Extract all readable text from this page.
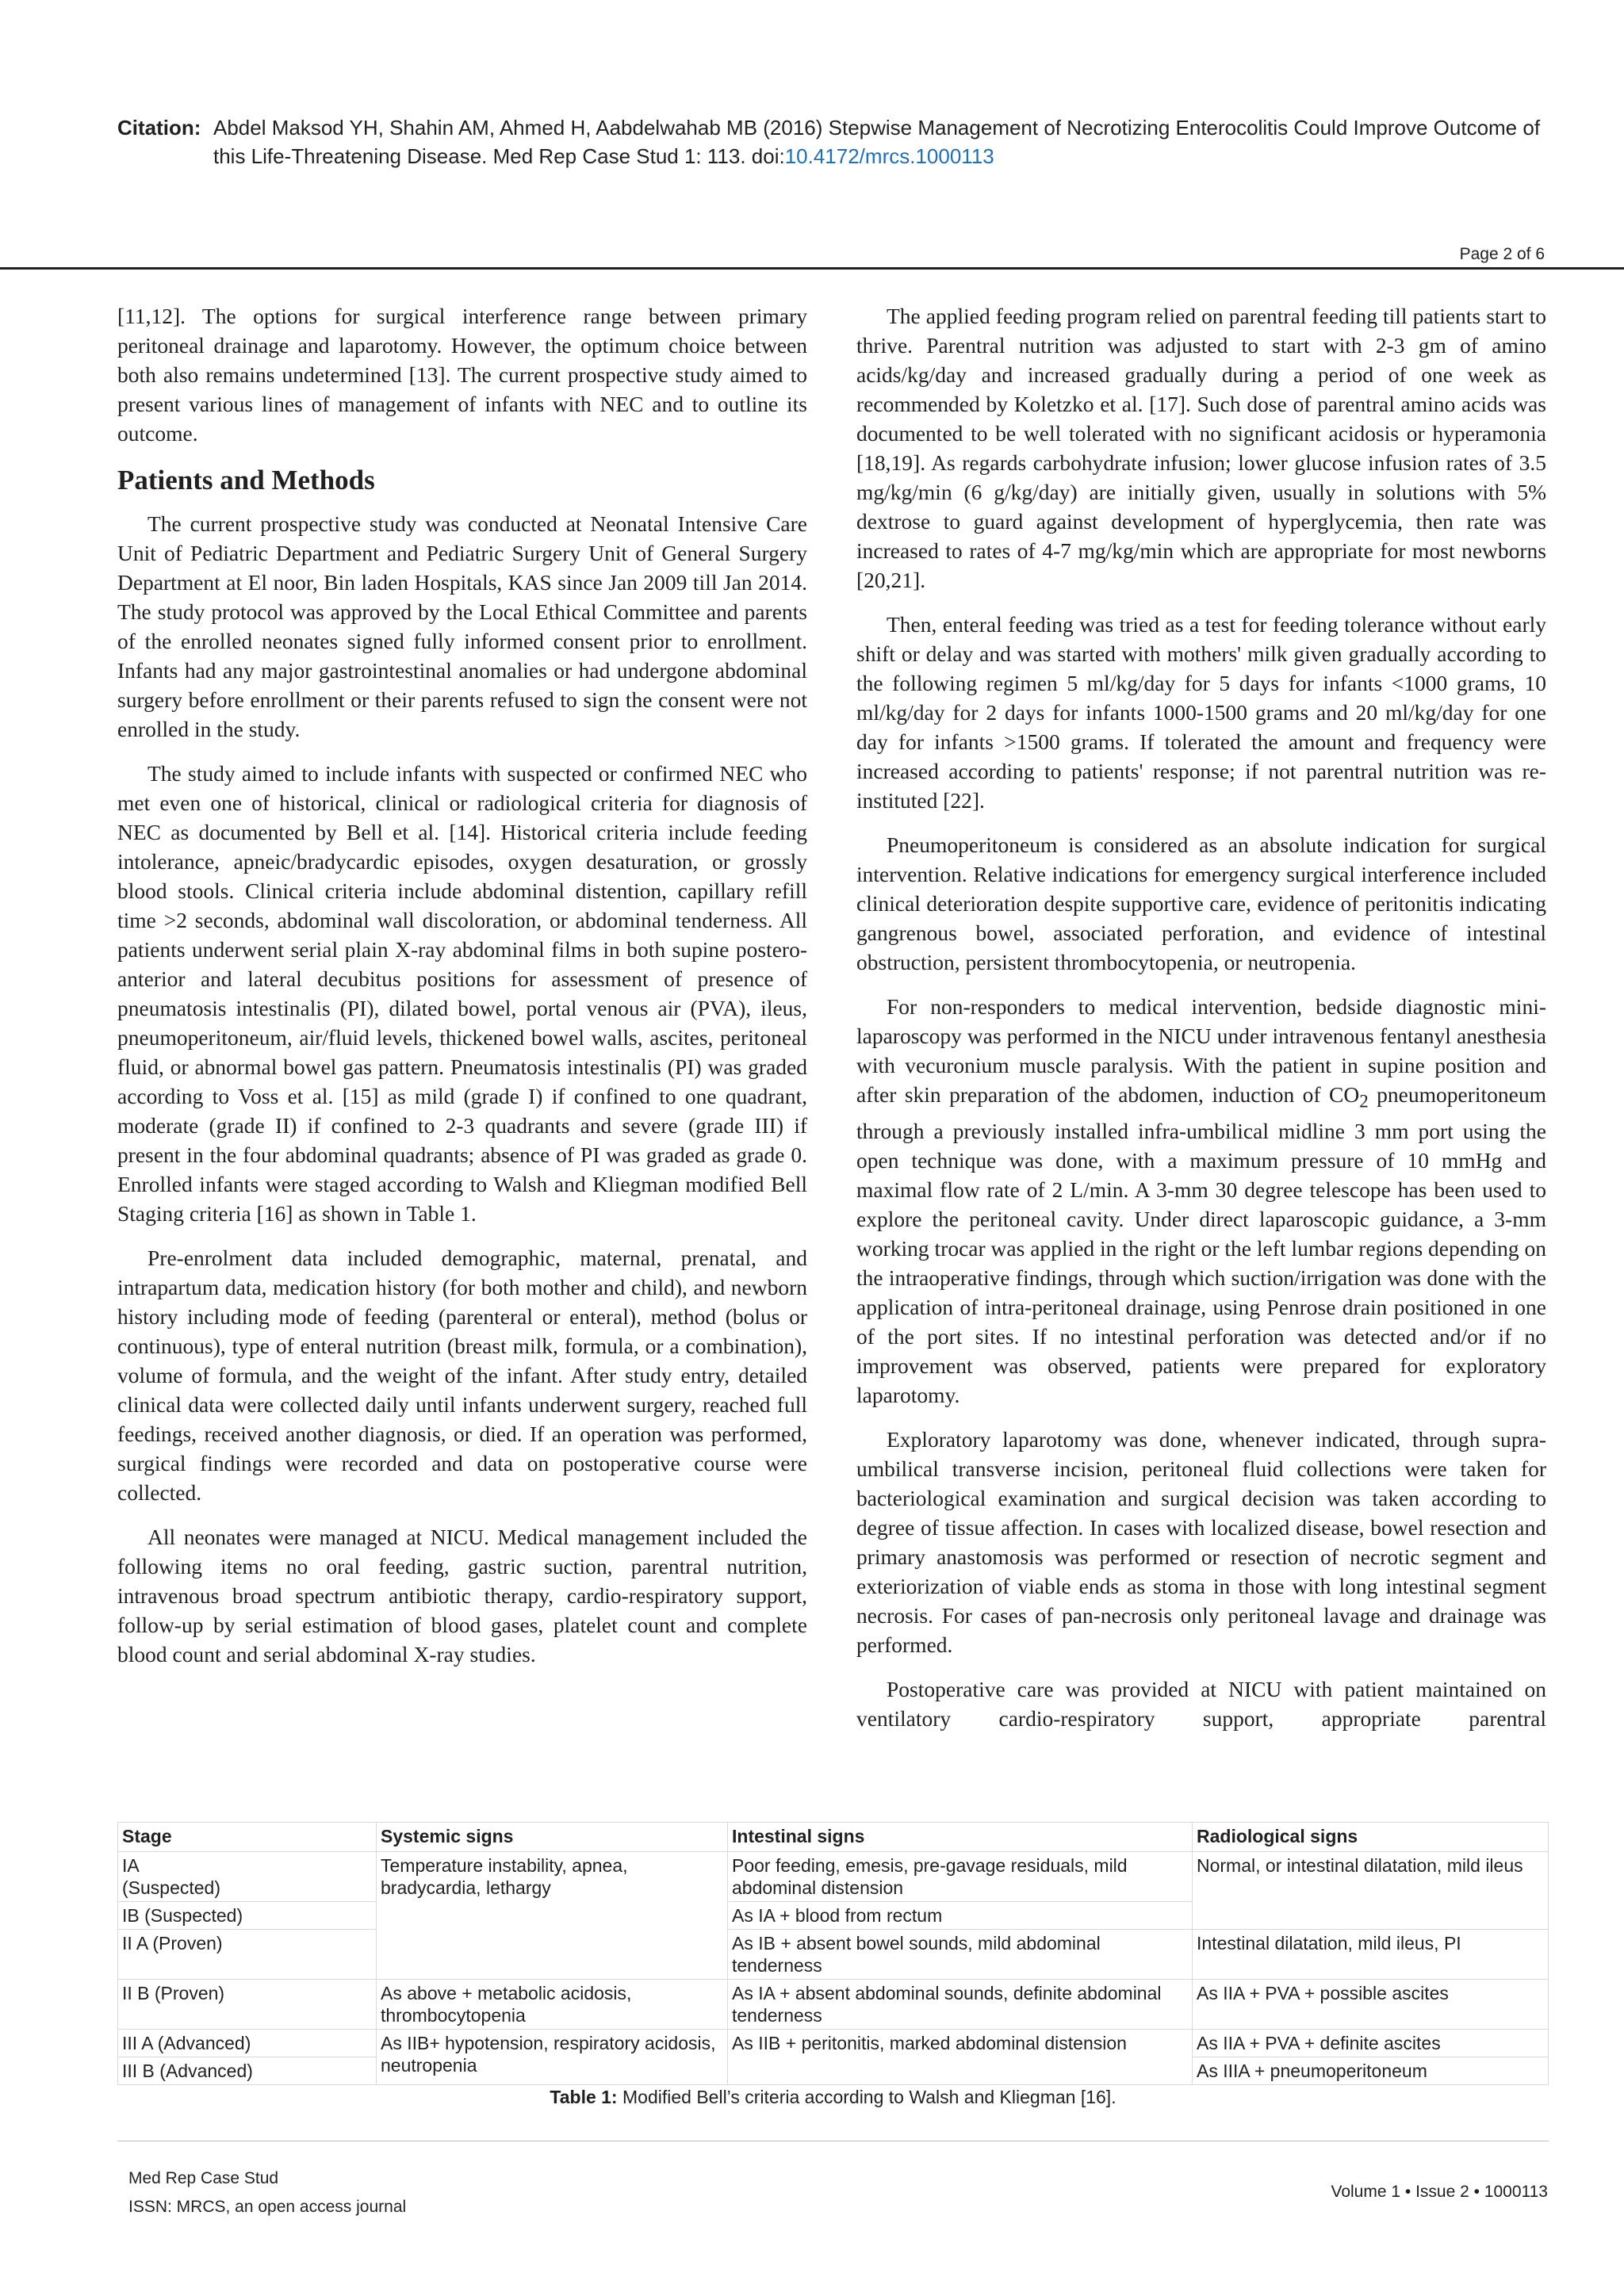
Citation: Abdel Maksod YH, Shahin AM, Ahmed H, Aabdelwahab MB (2016) Stepwise Management of Necrotizing Enterocolitis Could Improve Outcome of this Life-Threatening Disease. Med Rep Case Stud 1: 113. doi:10.4172/mrcs.1000113
Page 2 of 6

[11,12]. The options for surgical interference range between primary peritoneal drainage and laparotomy. However, the optimum choice between both also remains undetermined [13]. The current prospective study aimed to present various lines of management of infants with NEC and to outline its outcome.

Patients and Methods

The current prospective study was conducted at Neonatal Intensive Care Unit of Pediatric Department and Pediatric Surgery Unit of General Surgery Department at El noor, Bin laden Hospitals, KAS since Jan 2009 till Jan 2014. The study protocol was approved by the Local Ethical Committee and parents of the enrolled neonates signed fully informed consent prior to enrollment. Infants had any major gastrointestinal anomalies or had undergone abdominal surgery before enrollment or their parents refused to sign the consent were not enrolled in the study.

The study aimed to include infants with suspected or confirmed NEC who met even one of historical, clinical or radiological criteria for diagnosis of NEC as documented by Bell et al. [14]. Historical criteria include feeding intolerance, apneic/bradycardic episodes, oxygen desaturation, or grossly blood stools. Clinical criteria include abdominal distention, capillary refill time >2 seconds, abdominal wall discoloration, or abdominal tenderness. All patients underwent serial plain X-ray abdominal films in both supine postero-anterior and lateral decubitus positions for assessment of presence of pneumatosis intestinalis (PI), dilated bowel, portal venous air (PVA), ileus, pneumoperitoneum, air/fluid levels, thickened bowel walls, ascites, peritoneal fluid, or abnormal bowel gas pattern. Pneumatosis intestinalis (PI) was graded according to Voss et al. [15] as mild (grade I) if confined to one quadrant, moderate (grade II) if confined to 2-3 quadrants and severe (grade III) if present in the four abdominal quadrants; absence of PI was graded as grade 0. Enrolled infants were staged according to Walsh and Kliegman modified Bell Staging criteria [16] as shown in Table 1.

Pre-enrolment data included demographic, maternal, prenatal, and intrapartum data, medication history (for both mother and child), and newborn history including mode of feeding (parenteral or enteral), method (bolus or continuous), type of enteral nutrition (breast milk, formula, or a combination), volume of formula, and the weight of the infant. After study entry, detailed clinical data were collected daily until infants underwent surgery, reached full feedings, received another diagnosis, or died. If an operation was performed, surgical findings were recorded and data on postoperative course were collected.

All neonates were managed at NICU. Medical management included the following items no oral feeding, gastric suction, parentral nutrition, intravenous broad spectrum antibiotic therapy, cardio-respiratory support, follow-up by serial estimation of blood gases, platelet count and complete blood count and serial abdominal X-ray studies.

The applied feeding program relied on parentral feeding till patients start to thrive. Parentral nutrition was adjusted to start with 2-3 gm of amino acids/kg/day and increased gradually during a period of one week as recommended by Koletzko et al. [17]. Such dose of parentral amino acids was documented to be well tolerated with no significant acidosis or hyperamonia [18,19]. As regards carbohydrate infusion; lower glucose infusion rates of 3.5 mg/kg/min (6 g/kg/day) are initially given, usually in solutions with 5% dextrose to guard against development of hyperglycemia, then rate was increased to rates of 4-7 mg/kg/min which are appropriate for most newborns [20,21].

Then, enteral feeding was tried as a test for feeding tolerance without early shift or delay and was started with mothers' milk given gradually according to the following regimen 5 ml/kg/day for 5 days for infants <1000 grams, 10 ml/kg/day for 2 days for infants 1000-1500 grams and 20 ml/kg/day for one day for infants >1500 grams. If tolerated the amount and frequency were increased according to patients' response; if not parentral nutrition was re-instituted [22].

Pneumoperitoneum is considered as an absolute indication for surgical intervention. Relative indications for emergency surgical interference included clinical deterioration despite supportive care, evidence of peritonitis indicating gangrenous bowel, associated perforation, and evidence of intestinal obstruction, persistent thrombocytopenia, or neutropenia.

For non-responders to medical intervention, bedside diagnostic mini-laparoscopy was performed in the NICU under intravenous fentanyl anesthesia with vecuronium muscle paralysis. With the patient in supine position and after skin preparation of the abdomen, induction of $CO_2$ pneumoperitoneum through a previously installed infra-umbilical midline 3 mm port using the open technique was done, with a maximum pressure of 10 mmHg and maximal flow rate of 2 L/min. A 3-mm 30 degree telescope has been used to explore the peritoneal cavity. Under direct laparoscopic guidance, a 3-mm working trocar was applied in the right or the left lumbar regions depending on the intraoperative findings, through which suction/irrigation was done with the application of intra-peritoneal drainage, using Penrose drain positioned in one of the port sites. If no intestinal perforation was detected and/or if no improvement was observed, patients were prepared for exploratory laparotomy.

Exploratory laparotomy was done, whenever indicated, through supra-umbilical transverse incision, peritoneal fluid collections were taken for bacteriological examination and surgical decision was taken according to degree of tissue affection. In cases with localized disease, bowel resection and primary anastomosis was performed or resection of necrotic segment and exteriorization of viable ends as stoma in those with long intestinal segment necrosis. For cases of pan-necrosis only peritoneal lavage and drainage was performed.

Postoperative care was provided at NICU with patient maintained on ventilatory cardio-respiratory support, appropriate parentral

Stage	Systemic signs	Intestinal signs	Radiological signs
IA
(Suspected)	Temperature instability, apnea, bradycardia, lethargy	Poor feeding, emesis, pre-gavage residuals, mild abdominal distension	Normal, or intestinal dilatation, mild ileus
IB (Suspected)		As IA + blood from rectum	
II A (Proven)		As IB + absent bowel sounds, mild abdominal tenderness	Intestinal dilatation, mild ileus, PI
II B (Proven)	As above + metabolic acidosis, thrombocytopenia	As IA + absent abdominal sounds, definite abdominal tenderness	As IIA + PVA + possible ascites
III A (Advanced)	As IIB+ hypotension, respiratory acidosis, neutropenia	As IIB + peritonitis, marked abdominal distension	As IIA + PVA + definite ascites
III B (Advanced)			As IIIA + pneumoperitoneum
Table 1: Modified Bell’s criteria according to Walsh and Kliegman [16].
Med Rep Case Stud
ISSN: MRCS, an open access journal
Volume 1 • Issue 2 • 1000113
